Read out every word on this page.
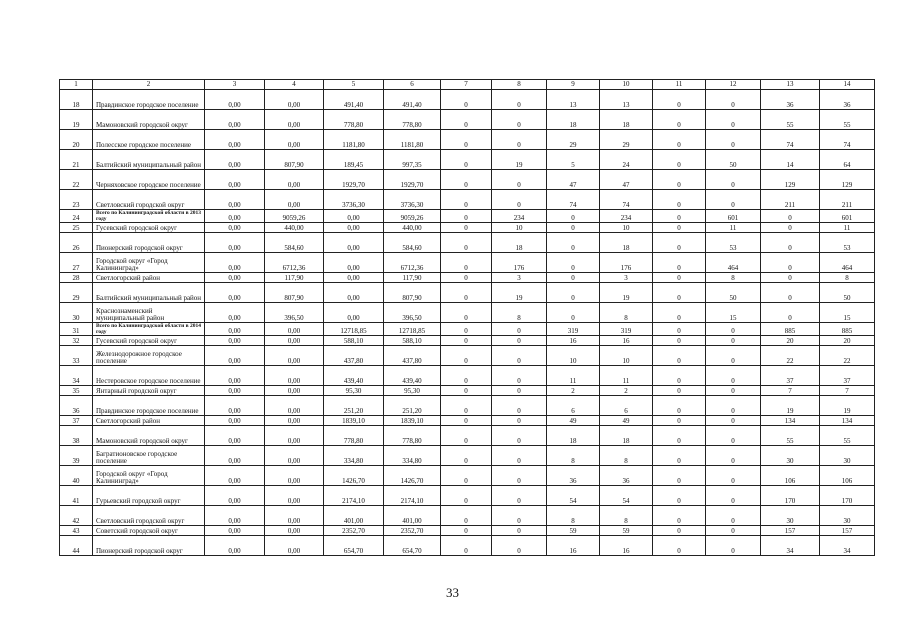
1	2	3	4	5	6	7	8	9	10	11	12	13	14
18	Правдинское городское поселение	0,00	0,00	491,40	491,40	0	0	13	13	0	0	36	36
19	Мамоновский городской округ	0,00	0,00	778,80	778,80	0	0	18	18	0	0	55	55
20	Полесское городское поселение	0,00	0,00	1181,80	1181,80	0	0	29	29	0	0	74	74
21	Балтийский муниципальный район	0,00	807,90	189,45	997,35	0	19	5	24	0	50	14	64
22	Черняховское городское поселение	0,00	0,00	1929,70	1929,70	0	0	47	47	0	0	129	129
23	Светловский городской округ	0,00	0,00	3736,30	3736,30	0	0	74	74	0	0	211	211
24	Всего по Калининградской области в 2013 году	0,00	9059,26	0,00	9059,26	0	234	0	234	0	601	0	601
25	Гусевский городской округ	0,00	440,00	0,00	440,00	0	10	0	10	0	11	0	11
26	Пионерский городской округ	0,00	584,60	0,00	584,60	0	18	0	18	0	53	0	53
27	Городской округ «Город Калининград»	0,00	6712,36	0,00	6712,36	0	176	0	176	0	464	0	464
28	Светлогорский район	0,00	117,90	0,00	117,90	0	3	0	3	0	8	0	8
29	Балтийский муниципальный район	0,00	807,90	0,00	807,90	0	19	0	19	0	50	0	50
30	Краснознаменский муниципальный район	0,00	396,50	0,00	396,50	0	8	0	8	0	15	0	15
31	Всего по Калининградской области в 2014 году	0,00	0,00	12718,85	12718,85	0	0	319	319	0	0	885	885
32	Гусевский городской округ	0,00	0,00	588,10	588,10	0	0	16	16	0	0	20	20
33	Железнодорожное городское поселение	0,00	0,00	437,80	437,80	0	0	10	10	0	0	22	22
34	Нестеровское городское поселение	0,00	0,00	439,40	439,40	0	0	11	11	0	0	37	37
35	Янтарный городской округ	0,00	0,00	95,30	95,30	0	0	2	2	0	0	7	7
36	Правдинское городское поселение	0,00	0,00	251,20	251,20	0	0	6	6	0	0	19	19
37	Светлогорский район	0,00	0,00	1839,10	1839,10	0	0	49	49	0	0	134	134
38	Мамоновский городской округ	0,00	0,00	778,80	778,80	0	0	18	18	0	0	55	55
39	Багратионовское городское поселение	0,00	0,00	334,80	334,80	0	0	8	8	0	0	30	30
40	Городской округ «Город Калининград»	0,00	0,00	1426,70	1426,70	0	0	36	36	0	0	106	106
41	Гурьевский городской округ	0,00	0,00	2174,10	2174,10	0	0	54	54	0	0	170	170
42	Светловский городской округ	0,00	0,00	401,00	401,00	0	0	8	8	0	0	30	30
43	Советский городской округ	0,00	0,00	2352,70	2352,70	0	0	59	59	0	0	157	157
44	Пионерский городской округ	0,00	0,00	654,70	654,70	0	0	16	16	0	0	34	34
33
